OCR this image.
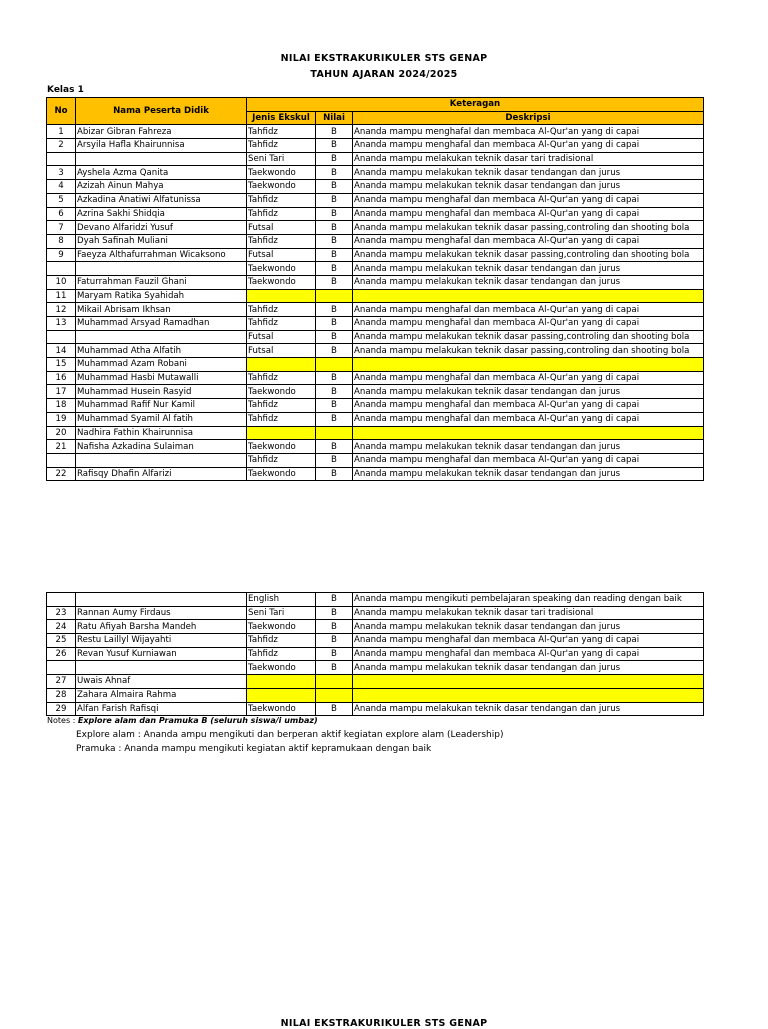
NILAI EKSTRAKURIKULER STS GENAP
TAHUN AJARAN 2024/2025
Kelas 1
No	Nama Peserta Didik	Keteragan		
		Jenis Ekskul	Nilai	Deskripsi
1	Abizar Gibran Fahreza	Tahfidz	B	Ananda mampu menghafal dan membaca Al-Qur'an yang di capai
2	Arsyila Hafla Khairunnisa	Tahfidz	B	Ananda mampu menghafal dan membaca Al-Qur'an yang di capai
		Seni Tari	B	Ananda mampu melakukan teknik dasar tari tradisional
3	Ayshela Azma Qanita	Taekwondo	B	Ananda mampu melakukan teknik dasar tendangan dan jurus
4	Azizah Ainun Mahya	Taekwondo	B	Ananda mampu melakukan teknik dasar tendangan dan jurus
5	Azkadina Anatiwi Alfatunissa	Tahfidz	B	Ananda mampu menghafal dan membaca Al-Qur'an yang di capai
6	Azrina Sakhi Shidqia	Tahfidz	B	Ananda mampu menghafal dan membaca Al-Qur'an yang di capai
7	Devano Alfaridzi Yusuf	Futsal	B	Ananda mampu melakukan teknik dasar passing,controling dan shooting bola
8	Dyah Safinah Muliani	Tahfidz	B	Ananda mampu menghafal dan membaca Al-Qur'an yang di capai
9	Faeyza Althafurrahman Wicaksono	Futsal	B	Ananda mampu melakukan teknik dasar passing,controling dan shooting bola
		Taekwondo	B	Ananda mampu melakukan teknik dasar tendangan dan jurus
10	Faturrahman Fauzil Ghani	Taekwondo	B	Ananda mampu melakukan teknik dasar tendangan dan jurus
11	Maryam Ratika Syahidah			
12	Mikail Abrisam Ikhsan	Tahfidz	B	Ananda mampu menghafal dan membaca Al-Qur'an yang di capai
13	Muhammad Arsyad Ramadhan	Tahfidz	B	Ananda mampu menghafal dan membaca Al-Qur'an yang di capai
		Futsal	B	Ananda mampu melakukan teknik dasar passing,controling dan shooting bola
14	Muhammad Atha Alfatih	Futsal	B	Ananda mampu melakukan teknik dasar passing,controling dan shooting bola
15	Muhammad Azam Robani			
16	Muhammad Hasbi Mutawalli	Tahfidz	B	Ananda mampu menghafal dan membaca Al-Qur'an yang di capai
17	Muhammad Husein Rasyid	Taekwondo	B	Ananda mampu melakukan teknik dasar tendangan dan jurus
18	Muhammad Rafif Nur Kamil	Tahfidz	B	Ananda mampu menghafal dan membaca Al-Qur'an yang di capai
19	Muhammad Syamil Al fatih	Tahfidz	B	Ananda mampu menghafal dan membaca Al-Qur'an yang di capai
20	Nadhira Fathin Khairunnisa			
21	Nafisha Azkadina Sulaiman	Taekwondo	B	Ananda mampu melakukan teknik dasar tendangan dan jurus
		Tahfidz	B	Ananda mampu menghafal dan membaca Al-Qur'an yang di capai
22	Rafisqy Dhafin Alfarizi	Taekwondo	B	Ananda mampu melakukan teknik dasar tendangan dan jurus
		English	B	Ananda mampu mengikuti pembelajaran speaking dan reading dengan baik
23	Rannan Aumy Firdaus	Seni Tari	B	Ananda mampu melakukan teknik dasar tari tradisional
24	Ratu Afiyah Barsha Mandeh	Taekwondo	B	Ananda mampu melakukan teknik dasar tendangan dan jurus
25	Restu Laillyl Wijayahti	Tahfidz	B	Ananda mampu menghafal dan membaca Al-Qur'an yang di capai
26	Revan Yusuf Kurniawan	Tahfidz	B	Ananda mampu menghafal dan membaca Al-Qur'an yang di capai
		Taekwondo	B	Ananda mampu melakukan teknik dasar tendangan dan jurus
27	Uwais Ahnaf			
28	Zahara Almaira Rahma			
29	Alfan Farish Rafisqi	Taekwondo	B	Ananda mampu melakukan teknik dasar tendangan dan jurus
Notes : Explore alam dan Pramuka B (seluruh siswa/i umbaz)
Explore alam : Ananda ampu mengikuti dan berperan aktif kegiatan explore alam (Leadership)
Pramuka : Ananda mampu mengikuti kegiatan aktif kepramukaan dengan baik
NILAI EKSTRAKURIKULER STS GENAP
